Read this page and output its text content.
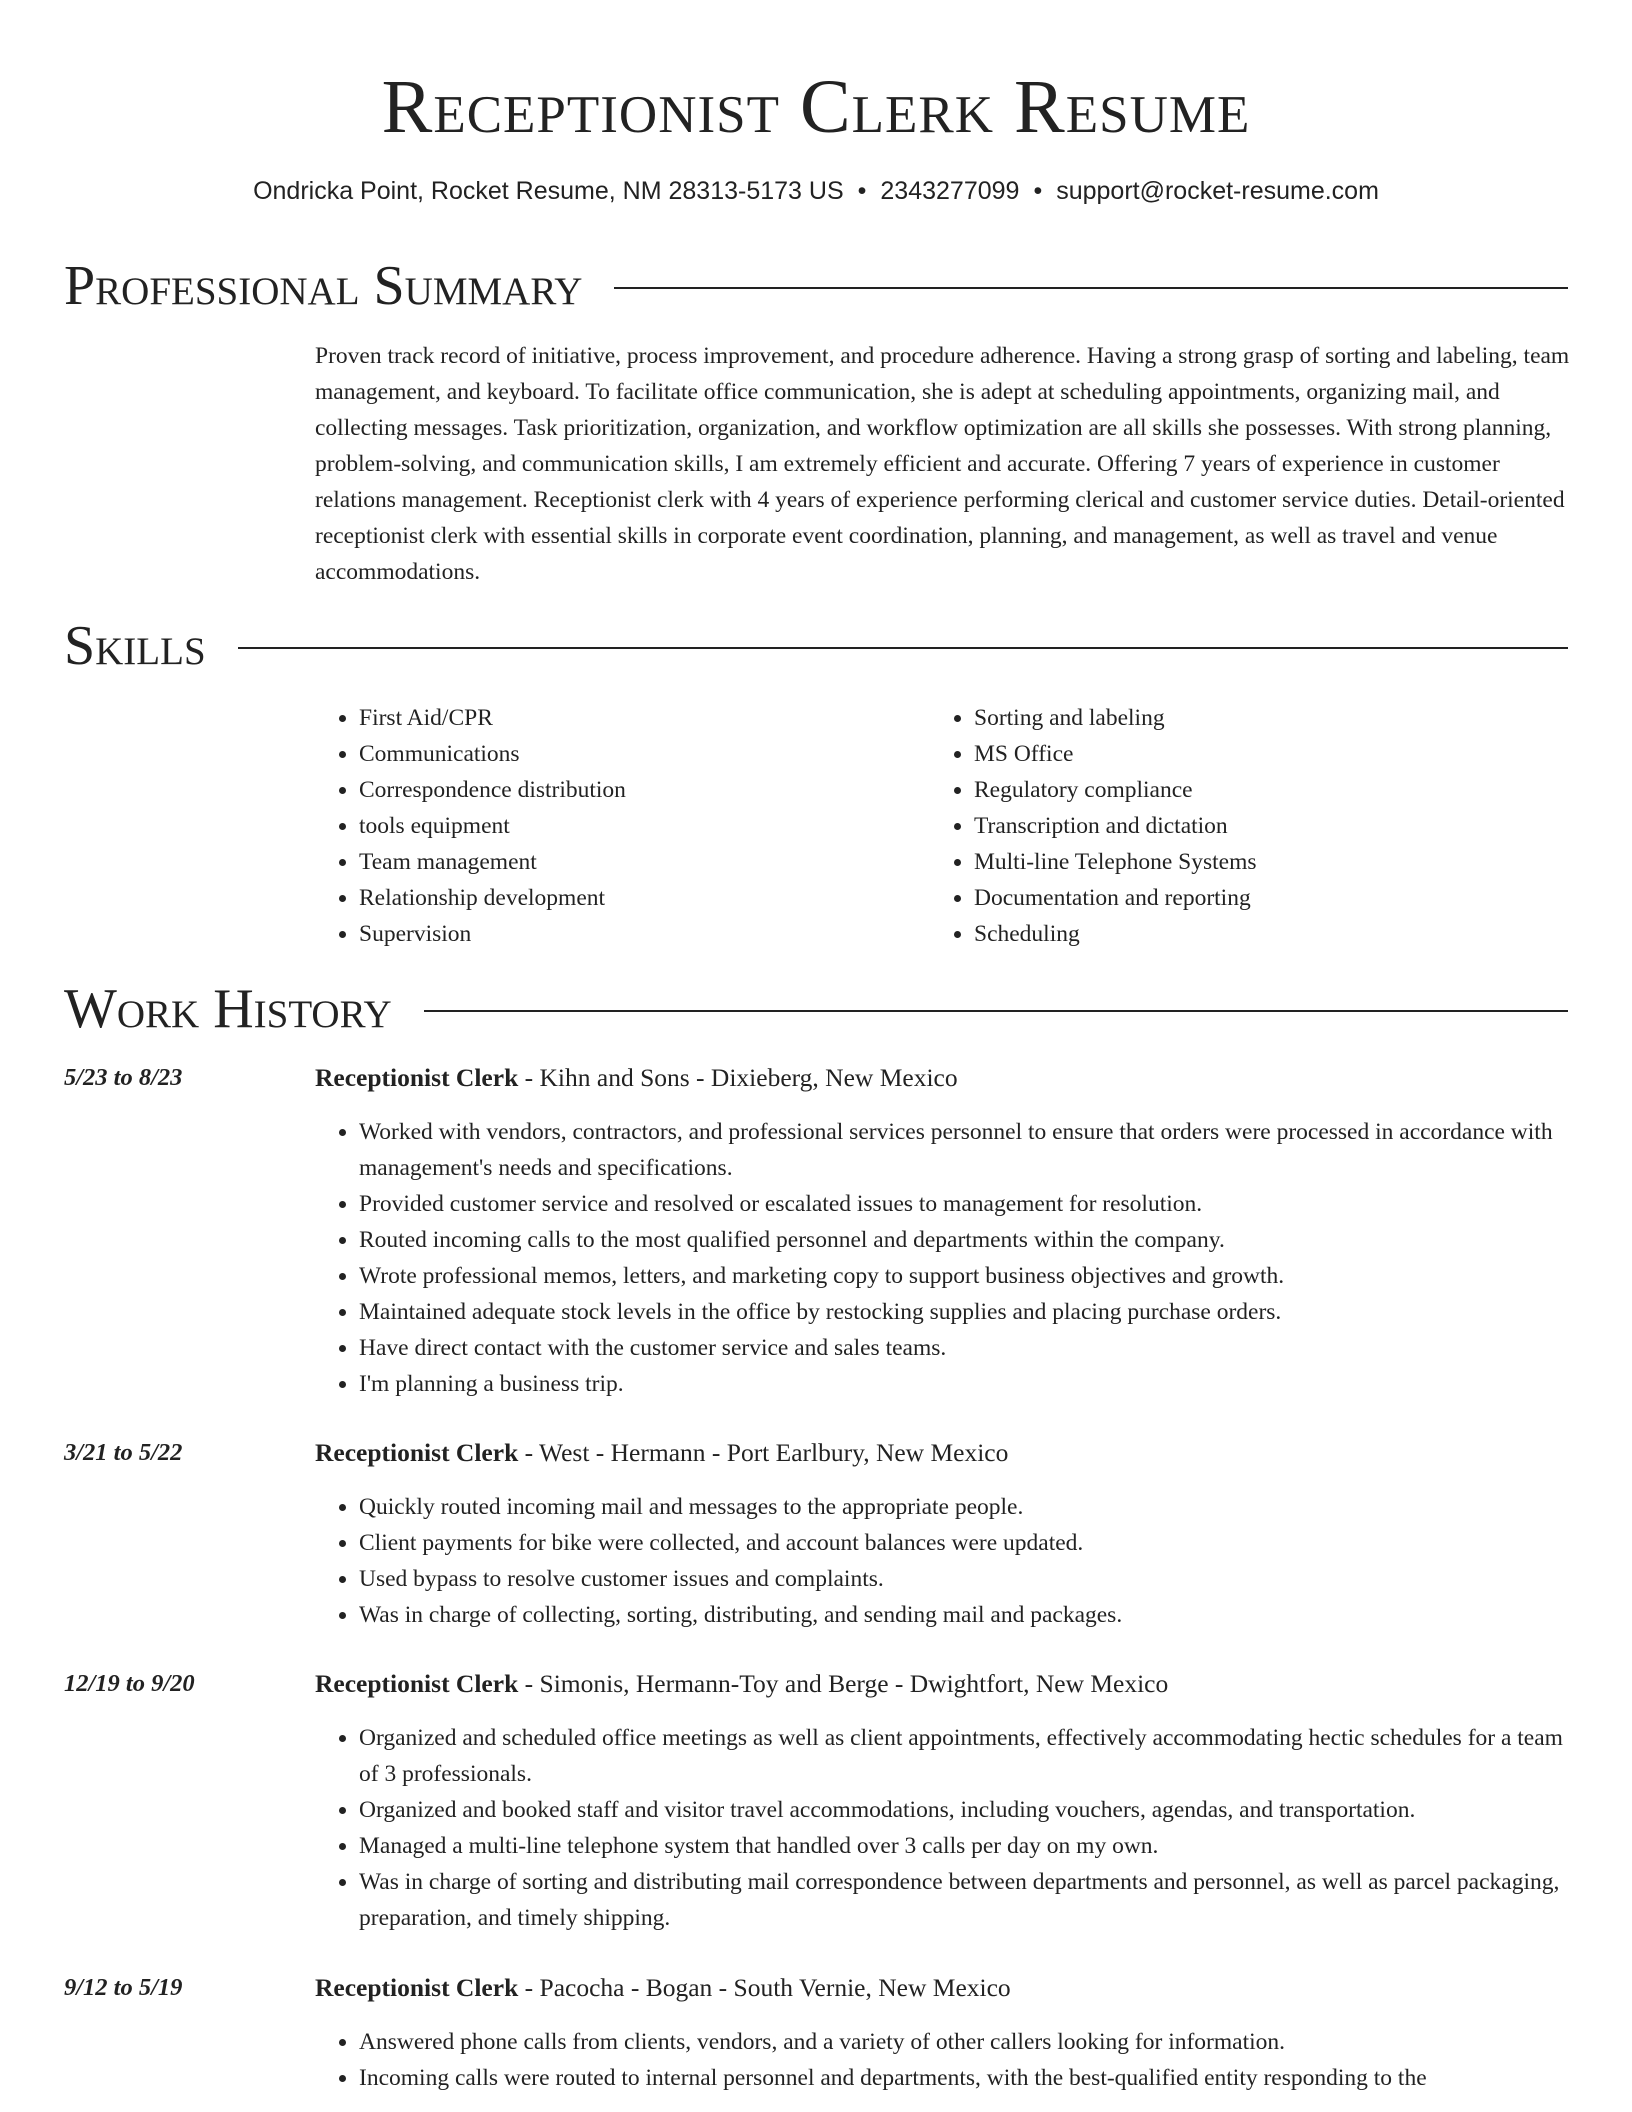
Receptionist Clerk Resume
Ondricka Point, Rocket Resume, NM 28313-5173 US • 2343277099 • support@rocket-resume.com
Professional Summary

Proven track record of initiative, process improvement, and procedure adherence. Having a strong grasp of sorting and labeling, team management, and keyboard. To facilitate office communication, she is adept at scheduling appointments, organizing mail, and collecting messages. Task prioritization, organization, and workflow optimization are all skills she possesses. With strong planning, problem-solving, and communication skills, I am extremely efficient and accurate. Offering 7 years of experience in customer relations management. Receptionist clerk with 4 years of experience performing clerical and customer service duties. Detail-oriented receptionist clerk with essential skills in corporate event coordination, planning, and management, as well as travel and venue accommodations.

Skills
• First Aid/CPR
• Communications
• Correspondence distribution
• tools equipment
• Team management
• Relationship development
• Supervision
• Sorting and labeling
• MS Office
• Regulatory compliance
• Transcription and dictation
• Multi-line Telephone Systems
• Documentation and reporting
• Scheduling
Work History
5/23 to 8/23	Receptionist Clerk - Kihn and Sons - Dixieberg, New Mexico
• Worked with vendors, contractors, and professional services personnel to ensure that orders were processed in accordance with management's needs and specifications.
• Provided customer service and resolved or escalated issues to management for resolution.
• Routed incoming calls to the most qualified personnel and departments within the company.
• Wrote professional memos, letters, and marketing copy to support business objectives and growth.
• Maintained adequate stock levels in the office by restocking supplies and placing purchase orders.
• Have direct contact with the customer service and sales teams.
• I'm planning a business trip.
3/21 to 5/22	Receptionist Clerk - West - Hermann - Port Earlbury, New Mexico
• Quickly routed incoming mail and messages to the appropriate people.
• Client payments for bike were collected, and account balances were updated.
• Used bypass to resolve customer issues and complaints.
• Was in charge of collecting, sorting, distributing, and sending mail and packages.
12/19 to 9/20	Receptionist Clerk - Simonis, Hermann-Toy and Berge - Dwightfort, New Mexico
• Organized and scheduled office meetings as well as client appointments, effectively accommodating hectic schedules for a team of 3 professionals.
• Organized and booked staff and visitor travel accommodations, including vouchers, agendas, and transportation.
• Managed a multi-line telephone system that handled over 3 calls per day on my own.
• Was in charge of sorting and distributing mail correspondence between departments and personnel, as well as parcel packaging, preparation, and timely shipping.
9/12 to 5/19	Receptionist Clerk - Pacocha - Bogan - South Vernie, New Mexico
• Answered phone calls from clients, vendors, and a variety of other callers looking for information.
• Incoming calls were routed to internal personnel and departments, with the best-qualified entity responding to the
